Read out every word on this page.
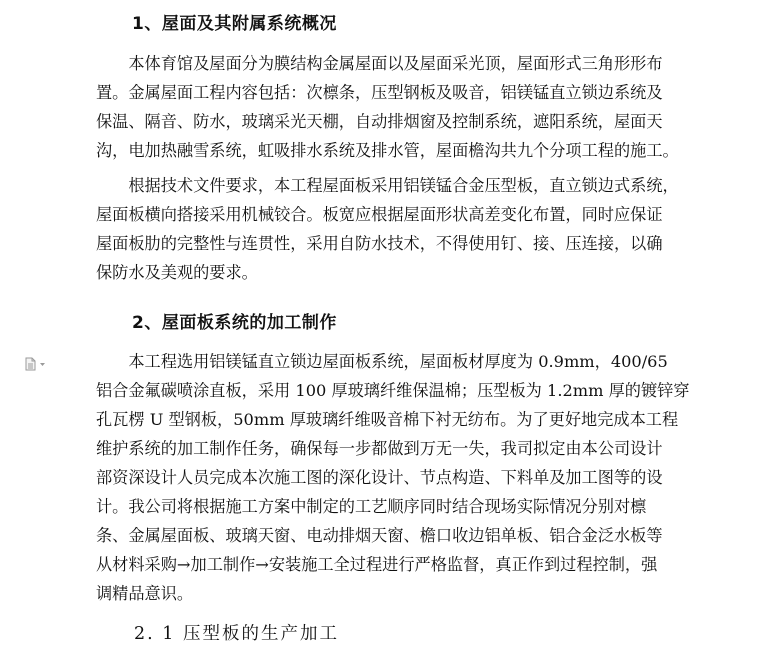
1、屋面及其附属系统概况
　　本体育馆及屋面分为膜结构金属屋面以及屋面采光顶，屋面形式三角形形布
置。金属屋面工程内容包括：次檩条，压型钢板及吸音，铝镁锰直立锁边系统及
保温、隔音、防水，玻璃采光天棚，自动排烟窗及控制系统，遮阳系统，屋面天
沟，电加热融雪系统，虹吸排水系统及排水管，屋面檐沟共九个分项工程的施工。
　　根据技术文件要求，本工程屋面板采用铝镁锰合金压型板，直立锁边式系统，
屋面板横向搭接采用机械铰合。板宽应根据屋面形状高差变化布置，同时应保证
屋面板肋的完整性与连贯性，采用自防水技术，不得使用钉、接、压连接，以确
保防水及美观的要求。
2、屋面板系统的加工制作
　　本工程选用铝镁锰直立锁边屋面板系统，屋面板材厚度为 0.9mm，400/65
铝合金氟碳喷涂直板，采用 100 厚玻璃纤维保温棉；压型板为 1.2mm 厚的镀锌穿
孔瓦楞 U 型钢板，50mm 厚玻璃纤维吸音棉下衬无纺布。为了更好地完成本工程
维护系统的加工制作任务，确保每一步都做到万无一失，我司拟定由本公司设计
部资深设计人员完成本次施工图的深化设计、节点构造、下料单及加工图等的设
计。我公司将根据施工方案中制定的工艺顺序同时结合现场实际情况分别对檩
条、金属屋面板、玻璃天窗、电动排烟天窗、檐口收边铝单板、铝合金泛水板等
从材料采购→加工制作→安装施工全过程进行严格监督，真正作到过程控制，强
调精品意识。
2. 1 压型板的生产加工
